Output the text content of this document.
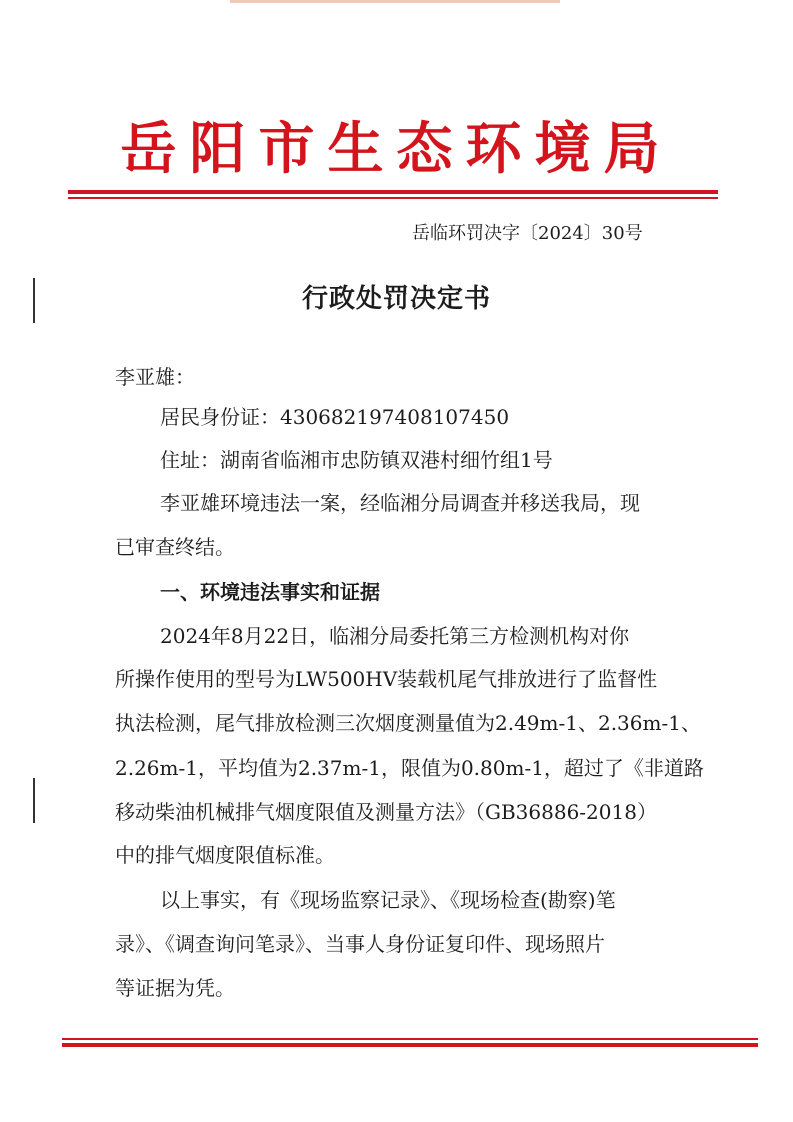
岳阳市生态环境局
岳临环罚决字〔2024〕30号
行政处罚决定书
李亚雄：
居民身份证：430682197408107450
住址：湖南省临湘市忠防镇双港村细竹组1号
李亚雄环境违法一案，经临湘分局调查并移送我局，现
已审查终结。
一、环境违法事实和证据
2024年8月22日，临湘分局委托第三方检测机构对你
所操作使用的型号为LW500HV装载机尾气排放进行了监督性
执法检测，尾气排放检测三次烟度测量值为2.49m-1、2.36m-1、
2.26m-1，平均值为2.37m-1，限值为0.80m-1，超过了《非道路
移动柴油机械排气烟度限值及测量方法》（GB36886-2018）
中的排气烟度限值标准。
以上事实，有《现场监察记录》、《现场检查(勘察)笔
录》、《调查询问笔录》、当事人身份证复印件、现场照片
等证据为凭。
